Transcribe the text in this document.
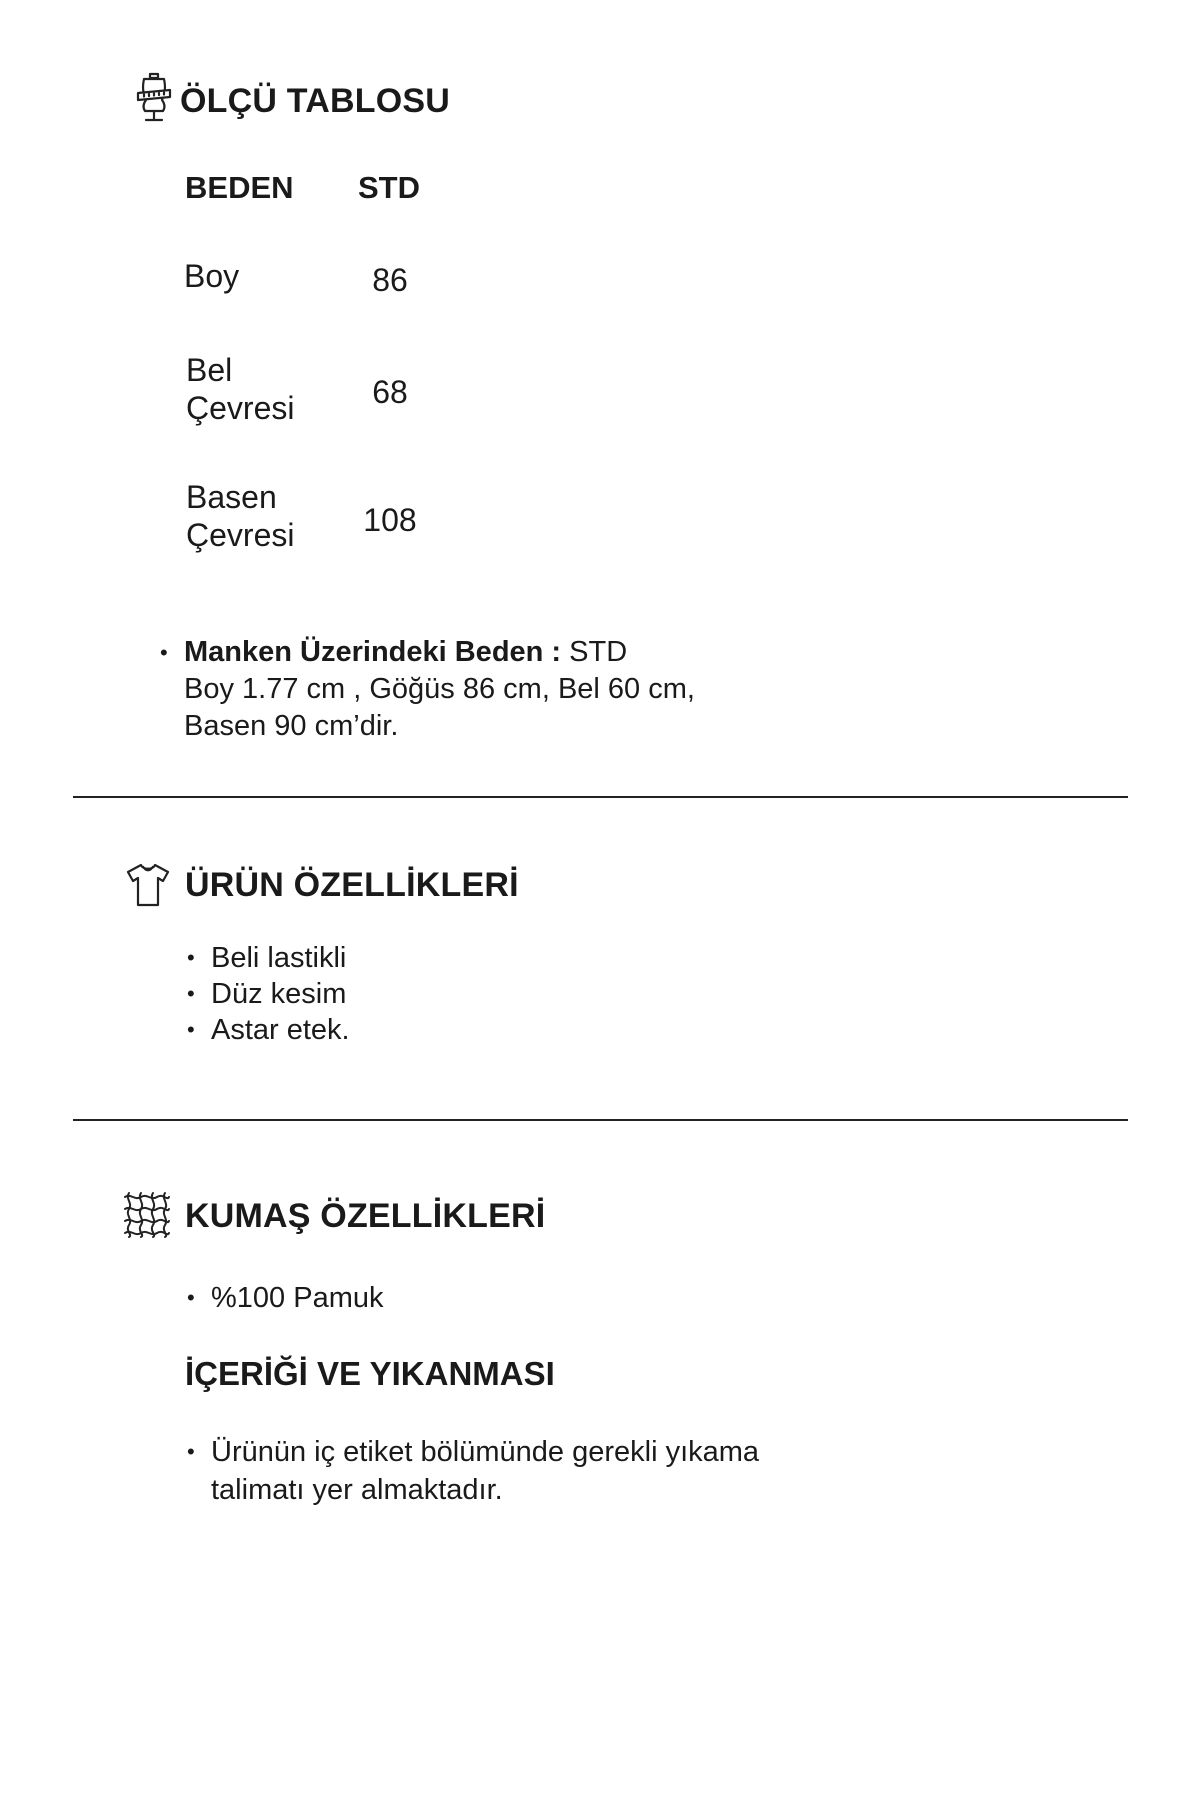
ÖLÇÜ TABLOSU
BEDEN STD
Boy	86
Bel
Çevresi	68
Basen
Çevresi	108
• Manken Üzerindeki Beden : STD
Boy 1.77 cm , Göğüs 86 cm, Bel 60 cm,
Basen 90 cm’dir.
ÜRÜN ÖZELLİKLERİ
• Beli lastikli
• Düz kesim
• Astar etek.
KUMAŞ ÖZELLİKLERİ
• %100 Pamuk
İÇERİĞİ VE YIKANMASI
• Ürünün iç etiket bölümünde gerekli yıkama
talimatı yer almaktadır.
